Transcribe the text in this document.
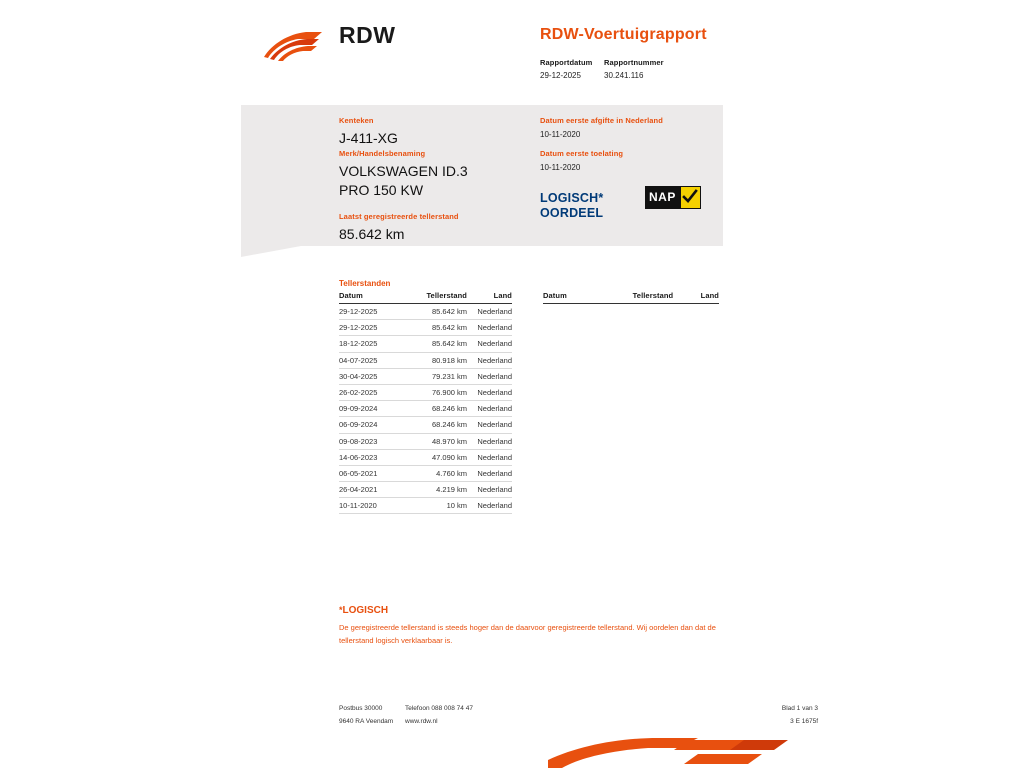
RDW	RDW-Voertuigrapport
Rapportdatum
29-12-2025
Rapportnummer
30.241.116
Kenteken
J-411-XG
Merk/Handelsbenaming
VOLKSWAGEN ID.3
PRO 150 KW
Laatst geregistreerde tellerstand
85.642 km
Datum eerste afgifte in Nederland
10-11-2020
Datum eerste toelating
10-11-2020
LOGISCH*
OORDEEL
NAP
Tellerstanden
Datum	Tellerstand	Land
29-12-2025	85.642 km	Nederland
29-12-2025	85.642 km	Nederland
18-12-2025	85.642 km	Nederland
04-07-2025	80.918 km	Nederland
30-04-2025	79.231 km	Nederland
26-02-2025	76.900 km	Nederland
09-09-2024	68.246 km	Nederland
06-09-2024	68.246 km	Nederland
09-08-2023	48.970 km	Nederland
14-06-2023	47.090 km	Nederland
06-05-2021	4.760 km	Nederland
26-04-2021	4.219 km	Nederland
10-11-2020	10 km	Nederland
Datum	Tellerstand	Land
*LOGISCH
De geregistreerde tellerstand is steeds hoger dan de daarvoor geregistreerde tellerstand. Wij oordelen dan dat de tellerstand logisch verklaarbaar is.
Postbus 30000
9640 RA Veendam
Telefoon 088 008 74 47
www.rdw.nl
Blad 1 van 3
3 E 1675f
